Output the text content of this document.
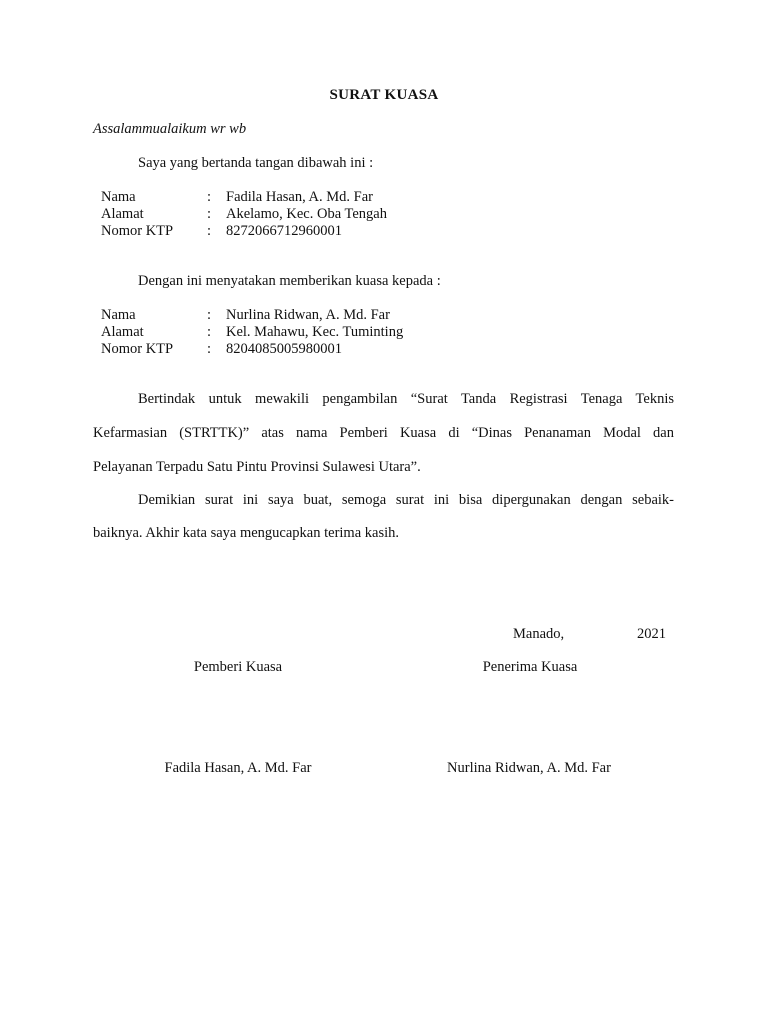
SURAT KUASA
Assalammualaikum wr wb
Saya yang bertanda tangan dibawah ini :
Nama	: Fadila Hasan, A. Md. Far
Alamat	: Akelamo, Kec. Oba Tengah
Nomor KTP : 8272066712960001
Dengan ini menyatakan memberikan kuasa kepada :
Nama	: Nurlina Ridwan, A. Md. Far
Alamat	: Kel. Mahawu, Kec. Tuminting
Nomor KTP : 8204085005980001
Bertindak untuk mewakili pengambilan “Surat Tanda Registrasi Tenaga Teknis
Kefarmasian (STRTTK)” atas nama Pemberi Kuasa di “Dinas Penanaman Modal dan
Pelayanan Terpadu Satu Pintu Provinsi Sulawesi Utara”.
Demikian surat ini saya buat, semoga surat ini bisa dipergunakan dengan sebaik-
baiknya. Akhir kata saya mengucapkan terima kasih.
Manado,	2021
Pemberi Kuasa	Penerima Kuasa
Fadila Hasan, A. Md. Far	Nurlina Ridwan, A. Md. Far
